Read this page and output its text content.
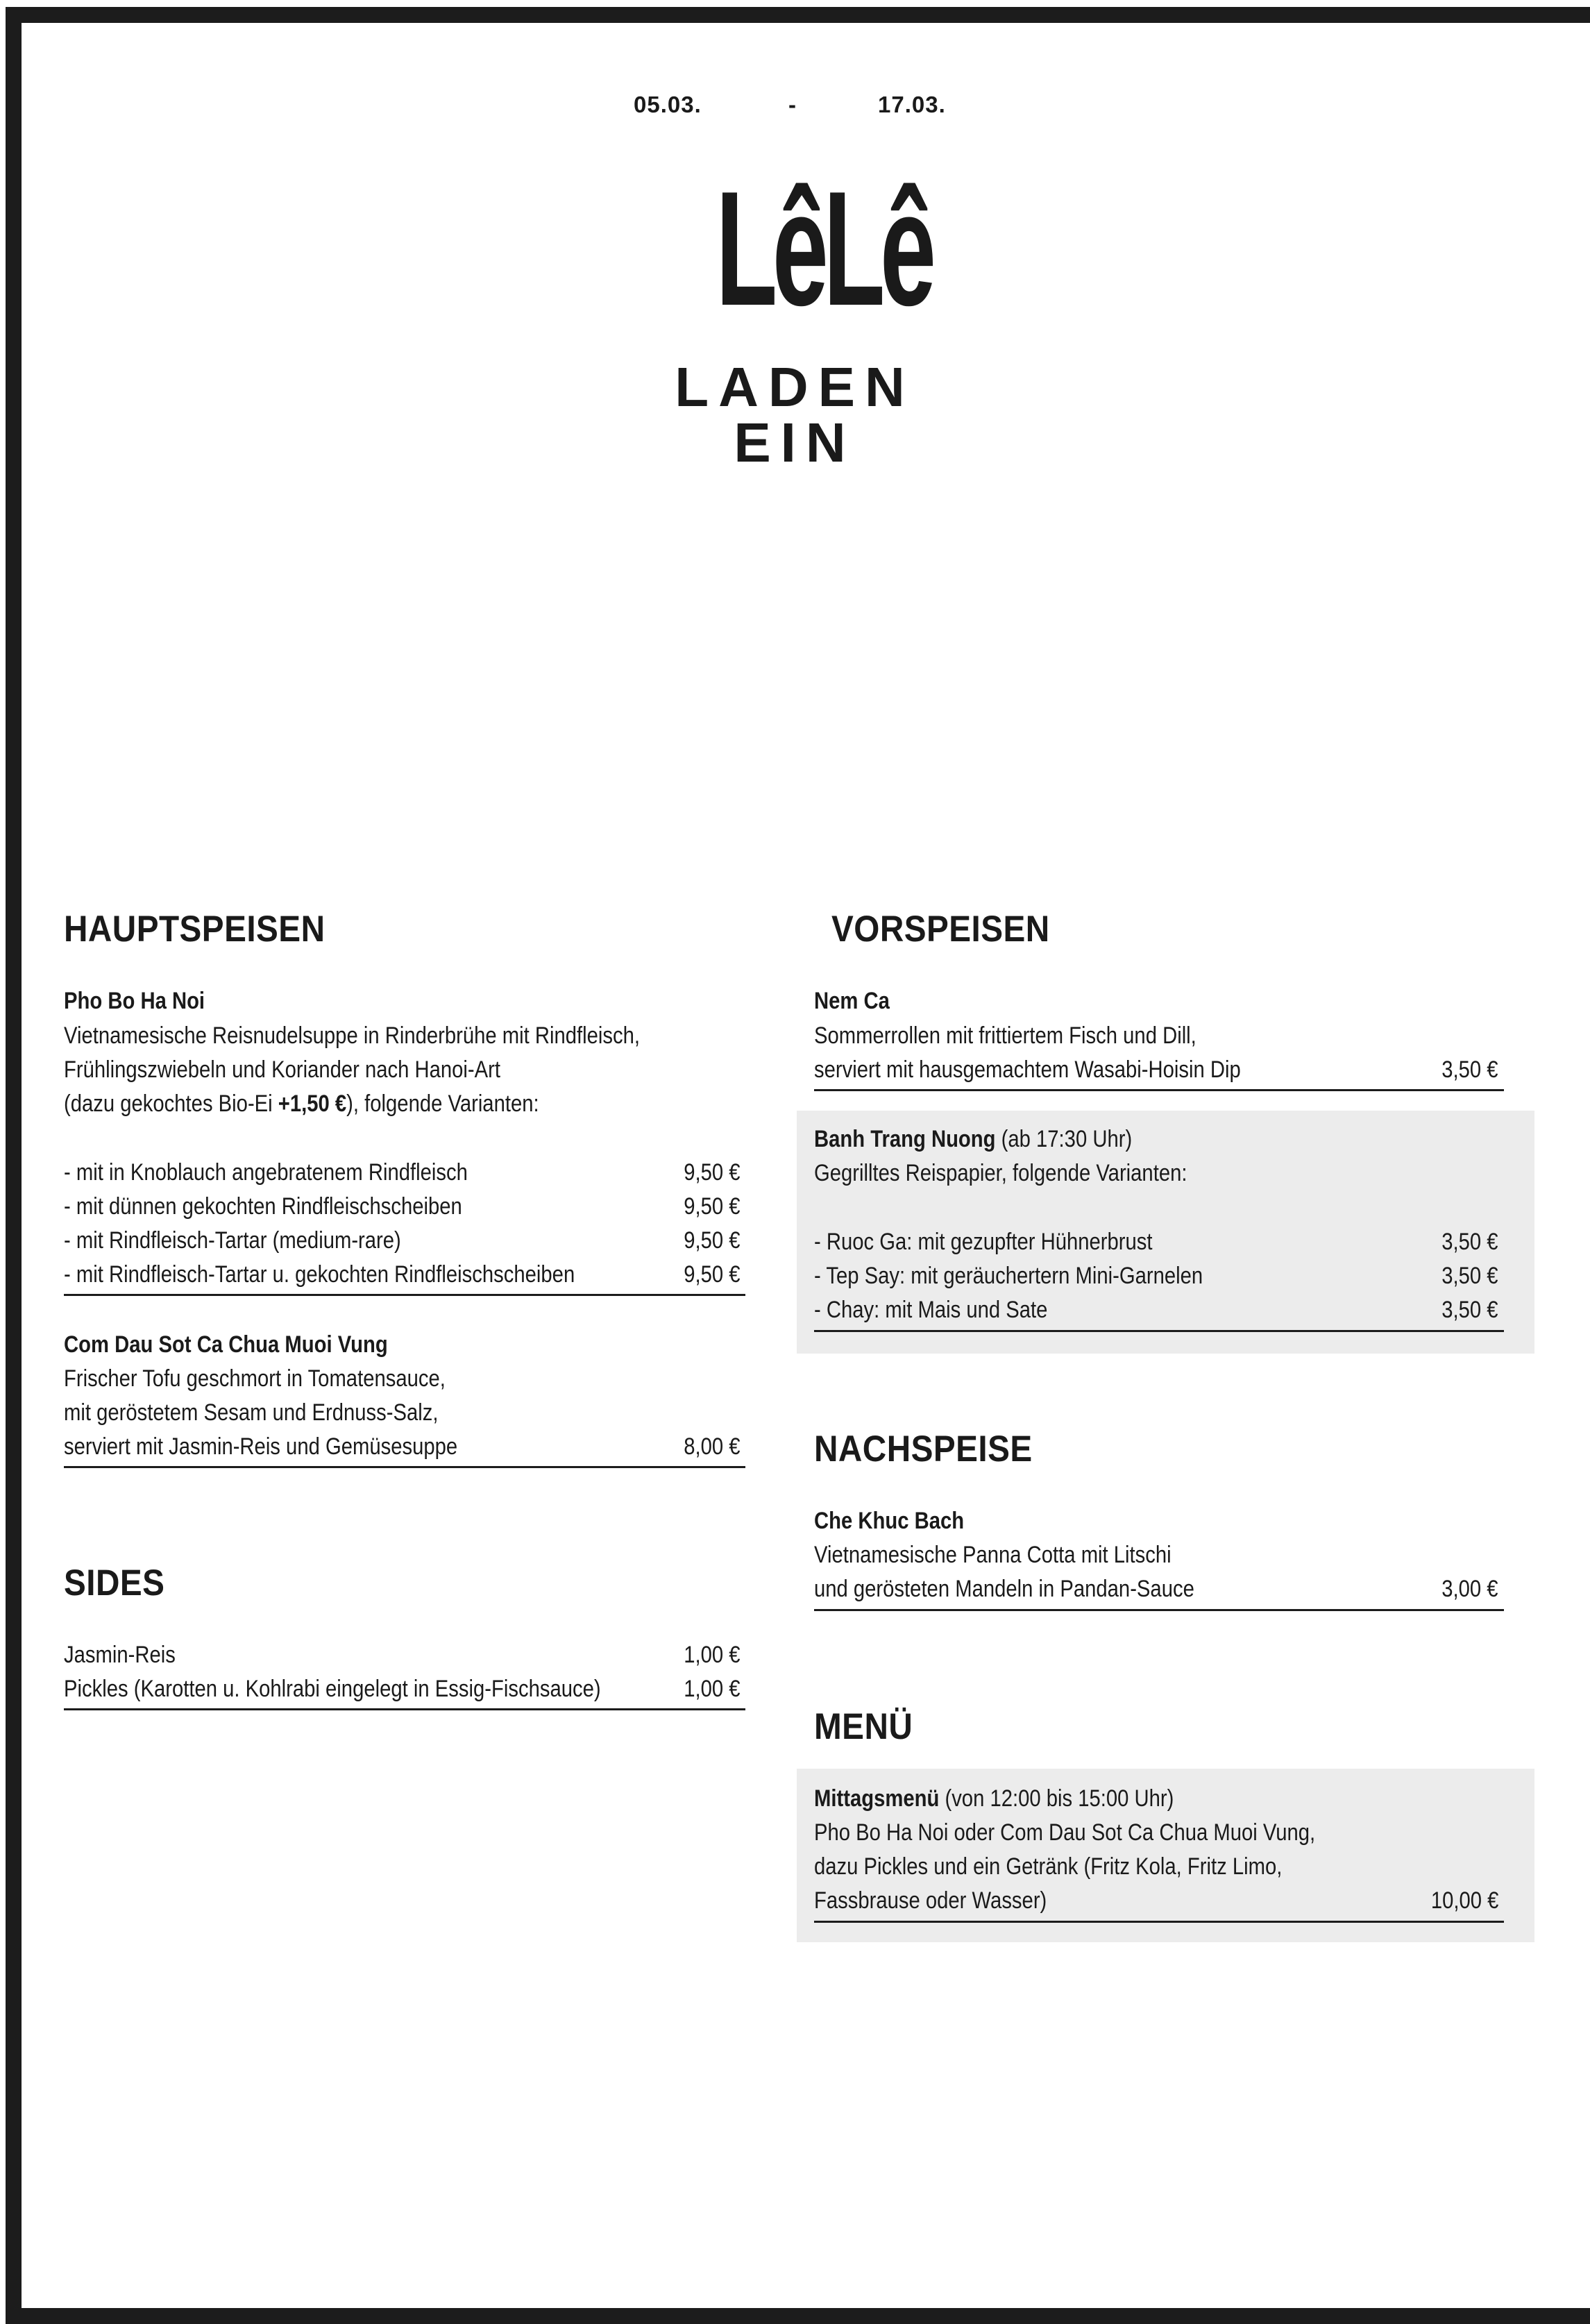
05.03.	-	17.03.
LêLê
LADEN EIN
HAUPTSPEISEN
Pho Bo Ha Noi
Vietnamesische Reisnudelsuppe in Rinderbrühe mit Rindfleisch,
Frühlingszwiebeln und Koriander nach Hanoi-Art
(dazu gekochtes Bio-Ei +1,50 €), folgende Varianten:
- mit in Knoblauch angebratenem Rindfleisch	9,50 €
- mit dünnen gekochten Rindfleischscheiben	9,50 €
- mit Rindfleisch-Tartar (medium-rare)	9,50 €
- mit Rindfleisch-Tartar u. gekochten Rindfleischscheiben	9,50 €
Com Dau Sot Ca Chua Muoi Vung
Frischer Tofu geschmort in Tomatensauce,
mit geröstetem Sesam und Erdnuss-Salz,
serviert mit Jasmin-Reis und Gemüsesuppe	8,00 €
SIDES
Jasmin-Reis	1,00 €
Pickles (Karotten u. Kohlrabi eingelegt in Essig-Fischsauce)	1,00 €
VORSPEISEN
Nem Ca
Sommerrollen mit frittiertem Fisch und Dill,
serviert mit hausgemachtem Wasabi-Hoisin Dip	3,50 €
Banh Trang Nuong (ab 17:30 Uhr)
Gegrilltes Reispapier, folgende Varianten:
- Ruoc Ga: mit gezupfter Hühnerbrust	3,50 €
- Tep Say: mit geräuchertern Mini-Garnelen	3,50 €
- Chay: mit Mais und Sate	3,50 €
NACHSPEISE
Che Khuc Bach
Vietnamesische Panna Cotta mit Litschi
und gerösteten Mandeln in Pandan-Sauce	3,00 €
MENÜ
Mittagsmenü (von 12:00 bis 15:00 Uhr)
Pho Bo Ha Noi oder Com Dau Sot Ca Chua Muoi Vung,
dazu Pickles und ein Getränk (Fritz Kola, Fritz Limo,
Fassbrause oder Wasser)	10,00 €
